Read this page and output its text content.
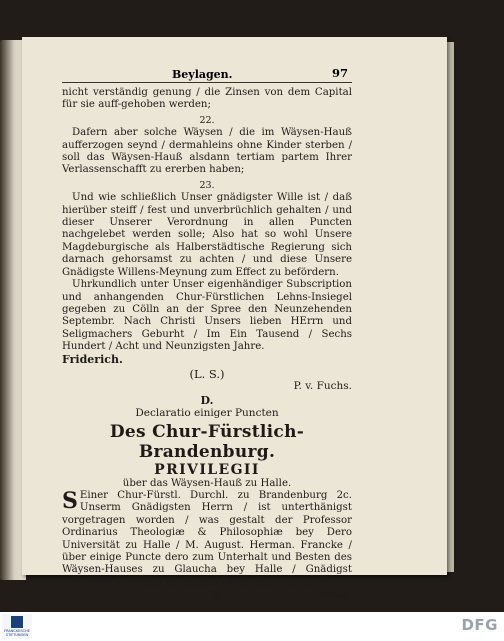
Beylagen.	97

nicht verständig genung / die Zinsen von dem Capital für sie auff-gehoben werden;

22.

Dafern aber solche Wäysen / die im Wäysen-Hauß aufferzogen seynd / dermahleins ohne Kinder sterben / soll das Wäysen-Hauß alsdann tertiam partem Ihrer Verlassenschafft zu ererben haben;

23.

Und wie schließlich Unser gnädigster Wille ist / daß hierüber steiff / fest und unverbrüchlich gehalten / und dieser Unserer Verordnung in allen Puncten nachgelebet werden solle; Also hat so wohl Unsere Magdeburgische als Halberstädtische Regierung sich darnach gehorsamst zu achten / und diese Unsere Gnädigste Willens-Meynung zum Effect zu befördern.

Uhrkundlich unter Unser eigenhändiger Subscription und anhangenden Chur-Fürstlichen Lehns-Insiegel gegeben zu Cölln an der Spree den Neunzehenden Septembr. Nach Christi Unsers lieben HErrn und Seligmachers Geburht / Im Ein Tausend / Sechs Hundert / Acht und Neunzigsten Jahre.

Friderich.

(L. S.)

P. v. Fuchs.

D.

Declaratio einiger Puncten

Des Chur-Fürstlich-Brandenburg.

PRIVILEGII

über das Wäysen-Hauß zu Halle.

S Einer Chur-Fürstl. Durchl. zu Brandenburg 2c. Unserm Gnädigsten Herrn / ist unterthänigst vorgetragen worden / was gestalt der Professor Ordinarius Theologiæ & Philosophiæ bey Dero Universität zu Halle / M. August. Herman. Francke / über einige Puncte dero zum Unterhalt und Besten des Wäysen-Hauses zu Glaucha bey Halle / Gnädigst ertheilten Privilegii Gnädigste Declaration gesuchet.

N	Anlan-

FRANCKESCHE STIFTUNGEN
DFG
